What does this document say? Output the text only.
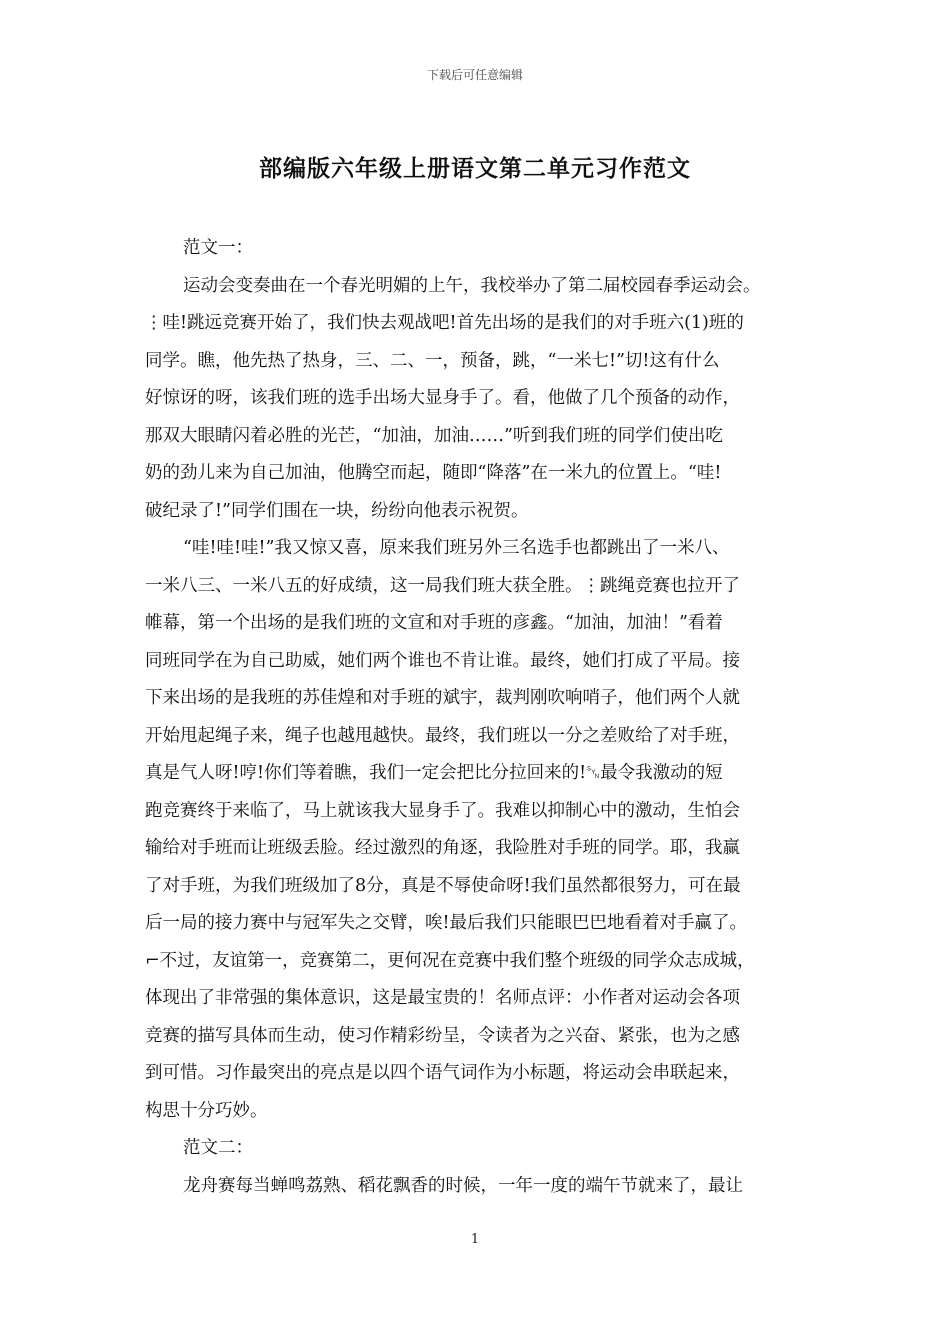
下载后可任意编辑
部编版六年级上册语文第二单元习作范文
范文一：
运动会变奏曲在一个春光明媚的上午，我校举办了第二届校园春季运动会。
⋮哇!跳远竞赛开始了，我们快去观战吧!首先出场的是我们的对手班六(1)班的
同学。瞧，他先热了热身，三、二、一，预备，跳，“一米七!”切!这有什么
好惊讶的呀，该我们班的选手出场大显身手了。看，他做了几个预备的动作，
那双大眼睛闪着必胜的光芒，“加油，加油……”听到我们班的同学们使出吃
奶的劲儿来为自己加油，他腾空而起，随即“降落”在一米九的位置上。“哇!
破纪录了!”同学们围在一块，纷纷向他表示祝贺。
“哇!哇!哇!”我又惊又喜，原来我们班另外三名选手也都跳出了一米八、
一米八三、一米八五的好成绩，这一局我们班大获全胜。⋮跳绳竞赛也拉开了
帷幕，第一个出场的是我们班的文宣和对手班的彦鑫。“加油，加油！”看着
同班同学在为自己助威，她们两个谁也不肯让谁。最终，她们打成了平局。接
下来出场的是我班的苏佳煌和对手班的斌宇，裁判刚吹响哨子，他们两个人就
开始甩起绳子来，绳子也越甩越快。最终，我们班以一分之差败给了对手班，
真是气人呀!哼!你们等着瞧，我们一定会把比分拉回来的!␖最令我激动的短
跑竞赛终于来临了，马上就该我大显身手了。我难以抑制心中的激动，生怕会
输给对手班而让班级丢脸。经过激烈的角逐，我险胜对手班的同学。耶，我赢
了对手班，为我们班级加了8分，真是不辱使命呀!我们虽然都很努力，可在最
后一局的接力赛中与冠军失之交臂，唉!最后我们只能眼巴巴地看着对手赢了。
⌐不过，友谊第一，竞赛第二，更何况在竞赛中我们整个班级的同学众志成城，
体现出了非常强的集体意识，这是最宝贵的！名师点评：小作者对运动会各项
竞赛的描写具体而生动，使习作精彩纷呈，令读者为之兴奋、紧张，也为之感
到可惜。习作最突出的亮点是以四个语气词作为小标题，将运动会串联起来，
构思十分巧妙。
范文二：
龙舟赛每当蝉鸣荔熟、稻花飘香的时候，一年一度的端午节就来了，最让
1
